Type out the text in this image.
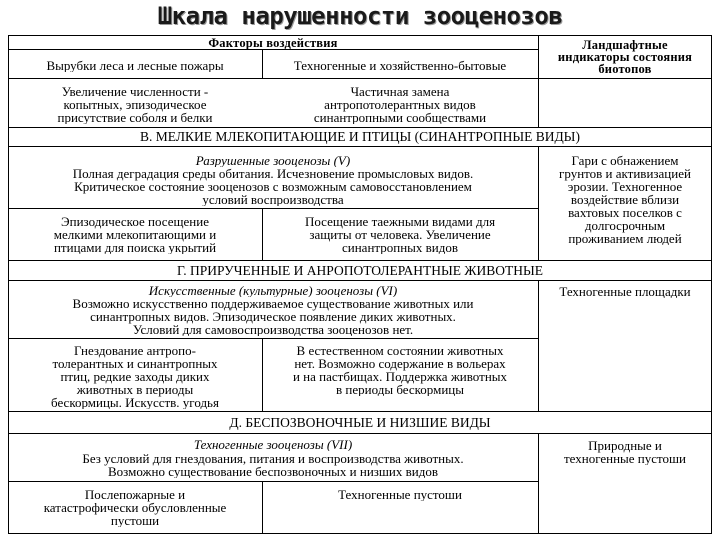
Шкала нарушенности зооценозов
Факторы воздействия
Вырубки леса и лесные пожары	Техногенные и хозяйственно-бытовые
Ландшафтные
индикаторы состояния
биотопов
Увеличение численности -
копытных, эпизодическое
присутствие соболя и белки
Частичная замена
антропотолерантных видов
синантропными сообществами
В. МЕЛКИЕ МЛЕКОПИТАЮЩИЕ И ПТИЦЫ (СИНАНТРОПНЫЕ ВИДЫ)
Разрушенные зооценозы (V)
Полная деградация среды обитания. Исчезновение промысловых видов.
Критическое состояние зооценозов с возможным самовосстановлением
условий воспроизводства
Эпизодическое посещение
мелкими млекопитающими и
птицами для поиска укрытий
Посещение таежными видами для
защиты от человека. Увеличение
синантропных видов
Гари с обнажением
грунтов и активизацией
эрозии. Техногенное
воздействие вблизи
вахтовых поселков с
долгосрочным
проживанием людей
Г. ПРИРУЧЕННЫЕ И АНРОПОТОЛЕРАНТНЫЕ ЖИВОТНЫЕ
Искусственные (культурные) зооценозы (VI)
Возможно искусственно поддерживаемое существование животных или
синантропных видов. Эпизодическое появление диких животных.
Условий для самовоспроизводства зооценозов нет.
Гнездование антропо-
толерантных и синантропных
птиц, редкие заходы диких
животных в периоды
бескормицы. Искусств. угодья
В естественном состоянии животных
нет. Возможно содержание в вольерах
и на пастбищах. Поддержка животных
в периоды бескормицы
Техногенные площадки
Д. БЕСПОЗВОНОЧНЫЕ И НИЗШИЕ ВИДЫ
Техногенные зооценозы (VII)
Без условий для гнездования, питания и воспроизводства животных.
Возможно существование беспозвоночных и низших видов
Послепожарные и
катастрофически обусловленные
пустоши
Техногенные пустоши
Природные и
техногенные пустоши
